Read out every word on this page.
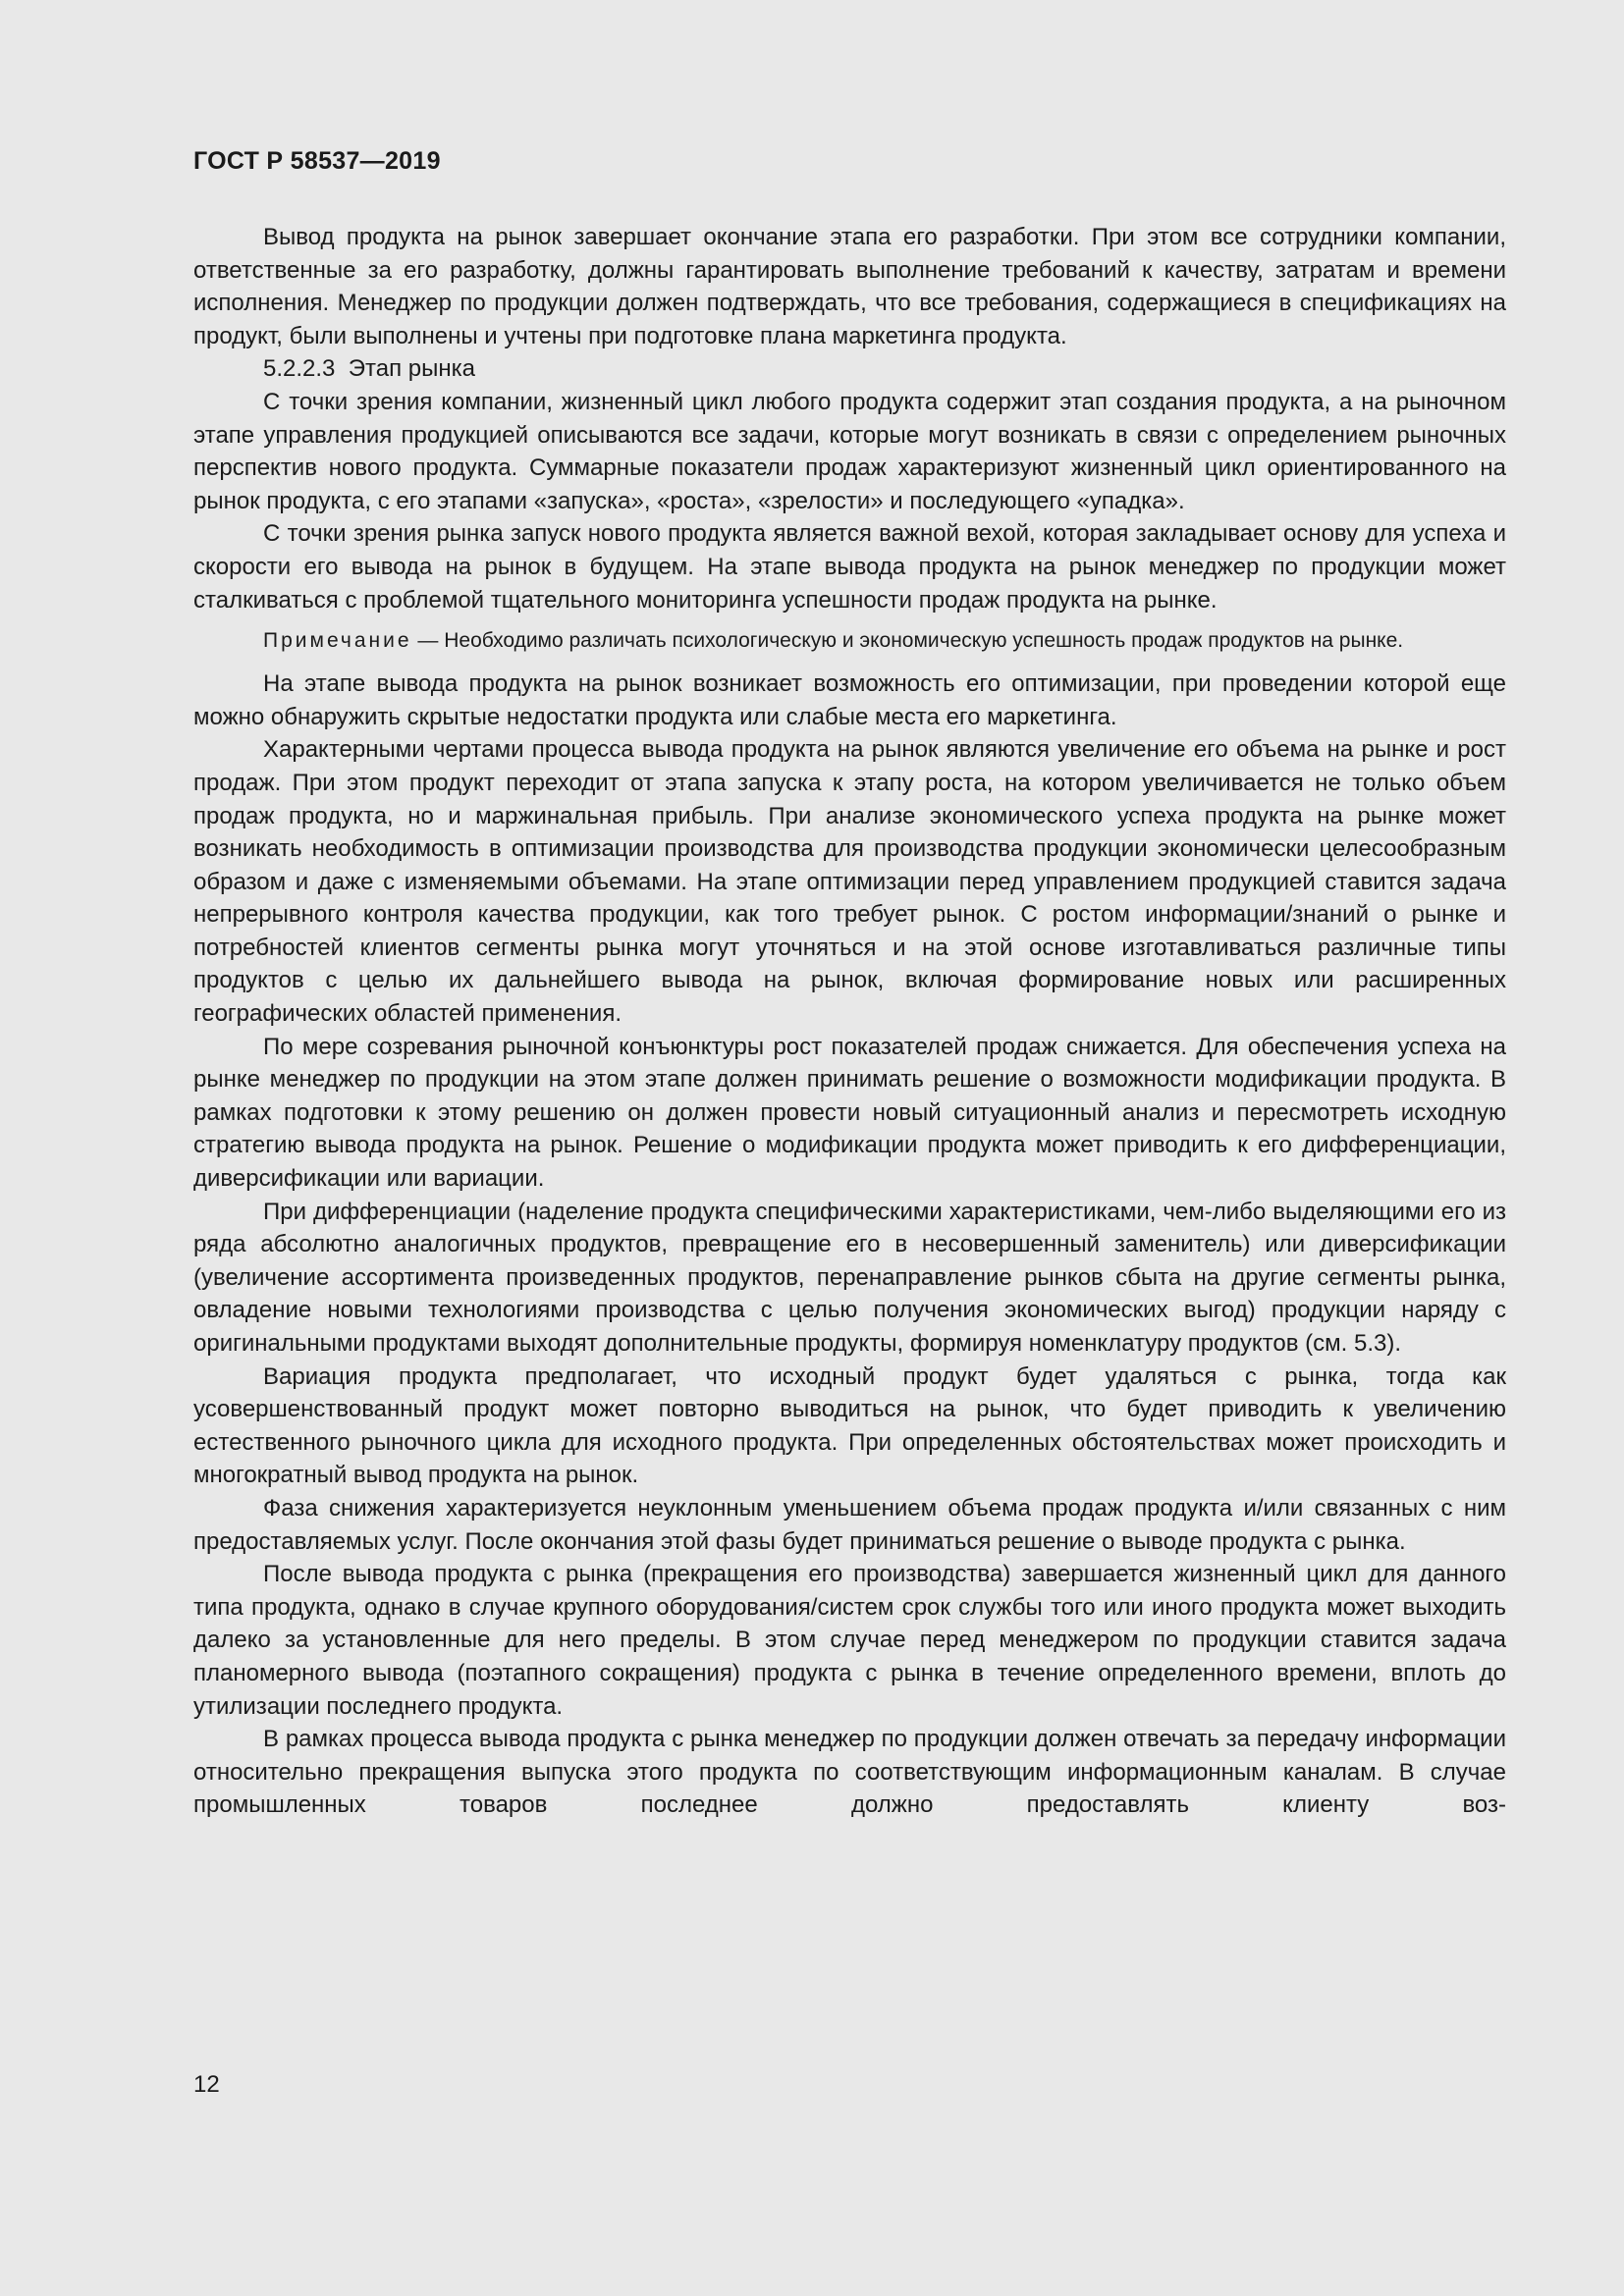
ГОСТ Р 58537—2019

Вывод продукта на рынок завершает окончание этапа его разработки. При этом все сотрудники компании, ответственные за его разработку, должны гарантировать выполнение требований к качеству, затратам и времени исполнения. Менеджер по продукции должен подтверждать, что все требования, содержащиеся в спецификациях на продукт, были выполнены и учтены при подготовке плана маркетинга продукта.

5.2.2.3 Этап рынка

С точки зрения компании, жизненный цикл любого продукта содержит этап создания продукта, а на рыночном этапе управления продукцией описываются все задачи, которые могут возникать в связи с определением рыночных перспектив нового продукта. Суммарные показатели продаж характеризуют жизненный цикл ориентированного на рынок продукта, с его этапами «запуска», «роста», «зрелости» и последующего «упадка».

С точки зрения рынка запуск нового продукта является важной вехой, которая закладывает основу для успеха и скорости его вывода на рынок в будущем. На этапе вывода продукта на рынок менеджер по продукции может сталкиваться с проблемой тщательного мониторинга успешности продаж продукта на рынке.

Примечание — Необходимо различать психологическую и экономическую успешность продаж продуктов на рынке.

На этапе вывода продукта на рынок возникает возможность его оптимизации, при проведении которой еще можно обнаружить скрытые недостатки продукта или слабые места его маркетинга.

Характерными чертами процесса вывода продукта на рынок являются увеличение его объема на рынке и рост продаж. При этом продукт переходит от этапа запуска к этапу роста, на котором увеличивается не только объем продаж продукта, но и маржинальная прибыль. При анализе экономического успеха продукта на рынке может возникать необходимость в оптимизации производства для производства продукции экономически целесообразным образом и даже с изменяемыми объемами. На этапе оптимизации перед управлением продукцией ставится задача непрерывного контроля качества продукции, как того требует рынок. С ростом информации/знаний о рынке и потребностей клиентов сегменты рынка могут уточняться и на этой основе изготавливаться различные типы продуктов с целью их дальнейшего вывода на рынок, включая формирование новых или расширенных географических областей применения.

По мере созревания рыночной конъюнктуры рост показателей продаж снижается. Для обеспечения успеха на рынке менеджер по продукции на этом этапе должен принимать решение о возможности модификации продукта. В рамках подготовки к этому решению он должен провести новый ситуационный анализ и пересмотреть исходную стратегию вывода продукта на рынок. Решение о модификации продукта может приводить к его дифференциации, диверсификации или вариации.

При дифференциации (наделение продукта специфическими характеристиками, чем-либо выделяющими его из ряда абсолютно аналогичных продуктов, превращение его в несовершенный заменитель) или диверсификации (увеличение ассортимента произведенных продуктов, перенаправление рынков сбыта на другие сегменты рынка, овладение новыми технологиями производства с целью получения экономических выгод) продукции наряду с оригинальными продуктами выходят дополнительные продукты, формируя номенклатуру продуктов (см. 5.3).

Вариация продукта предполагает, что исходный продукт будет удаляться с рынка, тогда как усовершенствованный продукт может повторно выводиться на рынок, что будет приводить к увеличению естественного рыночного цикла для исходного продукта. При определенных обстоятельствах может происходить и многократный вывод продукта на рынок.

Фаза снижения характеризуется неуклонным уменьшением объема продаж продукта и/или связанных с ним предоставляемых услуг. После окончания этой фазы будет приниматься решение о выводе продукта с рынка.

После вывода продукта с рынка (прекращения его производства) завершается жизненный цикл для данного типа продукта, однако в случае крупного оборудования/систем срок службы того или иного продукта может выходить далеко за установленные для него пределы. В этом случае перед менеджером по продукции ставится задача планомерного вывода (поэтапного сокращения) продукта с рынка в течение определенного времени, вплоть до утилизации последнего продукта.

В рамках процесса вывода продукта с рынка менеджер по продукции должен отвечать за передачу информации относительно прекращения выпуска этого продукта по соответствующим информационным каналам. В случае промышленных товаров последнее должно предоставлять клиенту воз-

12
